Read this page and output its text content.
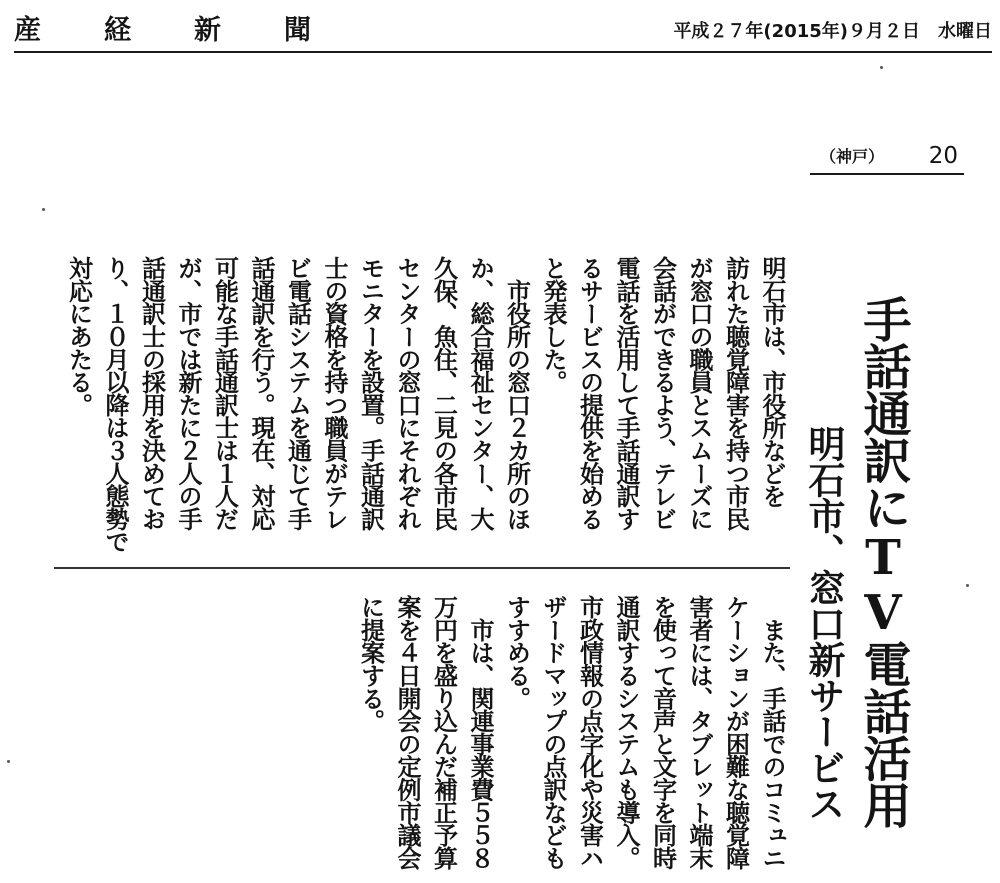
産	経	新	聞	平成２７年(2015年)９月２日 水曜日
（神戸） 20
手話通訳にTV電話活用
明石市、窓口新サービス
明石市は、市役所などを
訪れた聴覚障害を持つ市民
が窓口の職員とスムーズに
会話ができるよう、テレビ
電話を活用して手話通訳す
るサービスの提供を始める
と発表した。
　市役所の窓口２カ所のほ
か、総合福祉センター、大
久保、魚住、二見の各市民
センターの窓口にそれぞれ
モニターを設置。手話通訳
士の資格を持つ職員がテレ
ビ電話システムを通じて手
話通訳を行う。現在、対応
可能な手話通訳士は１人だ
が、市では新たに２人の手
話通訳士の採用を決めてお
り、１０月以降は３人態勢で
対応にあたる。
　また、手話でのコミュニ
ケーションが困難な聴覚障
害者には、タブレット端末
を使って音声と文字を同時
通訳するシステムも導入。
市政情報の点字化や災害ハ
ザードマップの点訳なども
すすめる。
　市は、関連事業費５５８
万円を盛り込んだ補正予算
案を４日開会の定例市議会
に提案する。
